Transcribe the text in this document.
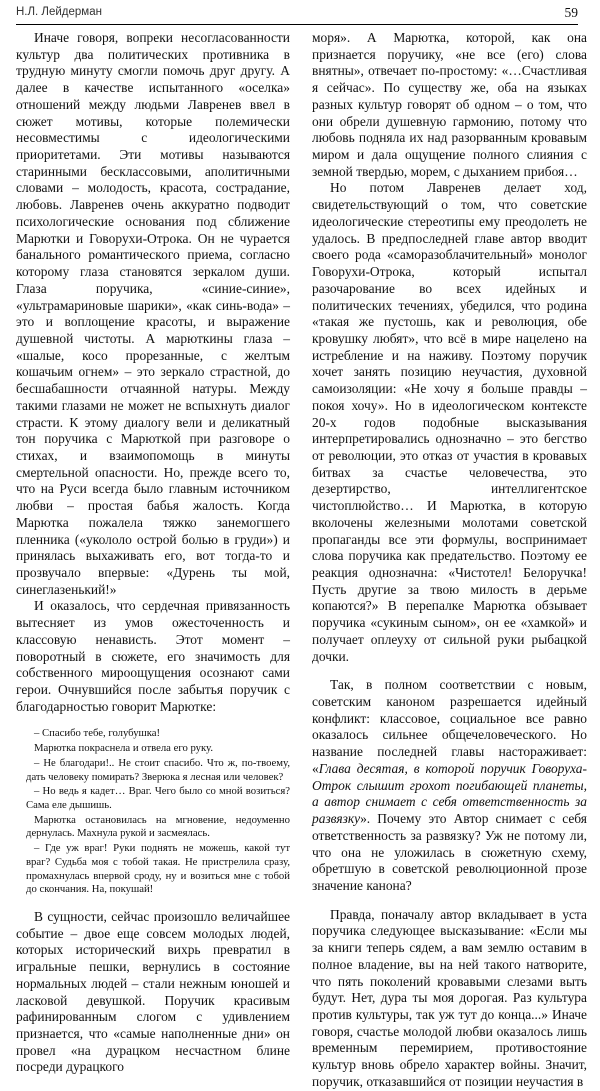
Н.Л. Лейдерман	59

Иначе говоря, вопреки несогласованности культур два политических противника в трудную минуту смогли помочь друг другу. А далее в качестве испытанного «оселка» отношений между людьми Лавренев ввел в сюжет мотивы, которые полемически несовместимы с идеологическими приоритетами. Эти мотивы называются старинными бесклассовыми, аполитичными словами – молодость, красота, сострадание, любовь. Лавренев очень аккуратно подводит психологические основания под сближение Марютки и Говорухи-Отрока. Он не чурается банального романтического приема, согласно которому глаза становятся зеркалом души. Глаза поручика, «синие-синие», «ультрамариновые шарики», «как синь-вода» – это и воплощение красоты, и выражение душевной чистоты. А марюткины глаза – «шалые, косо прорезанные, с желтым кошачьим огнем» – это зеркало страстной, до бесшабашности отчаянной натуры. Между такими глазами не может не вспыхнуть диалог страсти. К этому диалогу вели и деликатный тон поручика с Марюткой при разговоре о стихах, и взаимопомощь в минуты смертельной опасности. Но, прежде всего то, что на Руси всегда было главным источником любви – простая бабья жалость. Когда Марютка пожалела тяжко занемогшего пленника («укололо острой болью в груди») и принялась выхаживать его, вот тогда-то и прозвучало впервые: «Дурень ты мой, синеглазенький!»

И оказалось, что сердечная привязанность вытесняет из умов ожесточенность и классовую ненависть. Этот момент – поворотный в сюжете, его значимость для собственного мироощущения осознают сами герои. Очнувшийся после забытья поручик с благодарностью говорит Марютке:

– Спасибо тебе, голубушка!

Марютка покраснела и отвела его руку.

– Не благодари!.. Не стоит спасибо. Что ж, по-твоему, дать человеку помирать? Зверюка я лесная или человек?

– Но ведь я кадет… Враг. Чего было со мной возиться? Сама еле дышишь.

Марютка остановилась на мгновение, недоуменно дернулась. Махнула рукой и засмеялась.

– Где уж враг! Руки поднять не можешь, какой тут враг? Судьба моя с тобой такая. Не пристрелила сразу, промахнулась впервой сроду, ну и возиться мне с тобой до скончания. На, покушай!

В сущности, сейчас произошло величайшее событие – двое еще совсем молодых людей, которых исторический вихрь превратил в игральные пешки, вернулись в состояние нормальных людей – стали нежным юношей и ласковой девушкой. Поручик красивым рафинированным слогом с удивлением признается, что «самые наполненные дни» он провел «на дурацком несчастном блине посреди дурацкого

моря». А Марютка, которой, как она признается поручику, «не все (его) слова внятны», отвечает по-простому: «…Счастливая я сейчас». По существу же, оба на языках разных культур говорят об одном – о том, что они обрели душевную гармонию, потому что любовь подняла их над разорванным кровавым миром и дала ощущение полного слияния с земной твердью, морем, с дыханием прибоя…

Но потом Лавренев делает ход, свидетельствующий о том, что советские идеологические стереотипы ему преодолеть не удалось. В предпоследней главе автор вводит своего рода «саморазоблачительный» монолог Говорухи-Отрока, который испытал разочарование во всех идейных и политических течениях, убедился, что родина «такая же пустошь, как и революция, обе кровушку любят», что всё в мире нацелено на истребление и на наживу. Поэтому поручик хочет занять позицию неучастия, духовной самоизоляции: «Не хочу я больше правды – покоя хочу». Но в идеологическом контексте 20-х годов подобные высказывания интерпретировались однозначно – это бегство от революции, это отказ от участия в кровавых битвах за счастье человечества, это дезертирство, интеллигентское чистоплюйство… И Марютка, в которую вколочены железными молотами советской пропаганды все эти формулы, воспринимает слова поручика как предательство. Поэтому ее реакция однозначна: «Чистотел! Белоручка! Пусть другие за твою милость в дерьме копаются?» В перепалке Марютка обзывает поручика «сукиным сыном», он ее «хамкой» и получает оплеуху от сильной руки рыбацкой дочки.

Так, в полном соответствии с новым, советским каноном разрешается идейный конфликт: классовое, социальное все равно оказалось сильнее общечеловеческого. Но название последней главы настораживает: «Глава десятая, в которой поручик Говоруха-Отрок слышит грохот погибающей планеты, а автор снимает с себя ответственность за развязку». Почему это Автор снимает с себя ответственность за развязку? Уж не потому ли, что она не уложилась в сюжетную схему, обретшую в советской революционной прозе значение канона?

Правда, поначалу автор вкладывает в уста поручика следующее высказывание: «Если мы за книги теперь сядем, а вам землю оставим в полное владение, вы на ней такого натворите, что пять поколений кровавыми слезами выть будут. Нет, дура ты моя дорогая. Раз культура против культуры, так уж тут до конца...» Иначе говоря, счастье молодой любви оказалось лишь временным перемирием, противостояние культур вновь обрело характер войны. Значит, поручик, отказавшийся от позиции неучастия в
